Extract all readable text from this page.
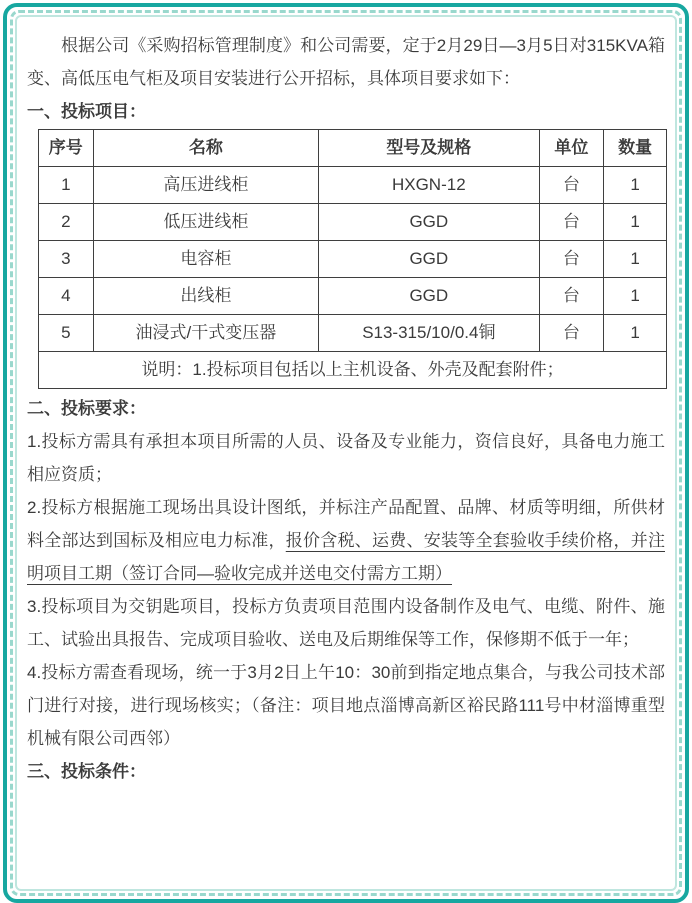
根据公司《采购招标管理制度》和公司需要，定于2月29日—3月5日对315KVA箱变、高低压电气柜及项目安装进行公开招标，具体项目要求如下：

一、投标项目：

序号	名称	型号及规格	单位	数量
1	高压进线柜	HXGN-12	台	1
2	低压进线柜	GGD	台	1
3	电容柜	GGD	台	1
4	出线柜	GGD	台	1
5	油浸式/干式变压器	S13-315/10/0.4铜	台	1
说明：1.投标项目包括以上主机设备、外壳及配套附件；				

二、投标要求：

1.投标方需具有承担本项目所需的人员、设备及专业能力，资信良好，具备电力施工相应资质；

2.投标方根据施工现场出具设计图纸，并标注产品配置、品牌、材质等明细，所供材料全部达到国标及相应电力标准，报价含税、运费、安装等全套验收手续价格，并注明项目工期（签订合同—验收完成并送电交付需方工期）

3.投标项目为交钥匙项目，投标方负责项目范围内设备制作及电气、电缆、附件、施工、试验出具报告、完成项目验收、送电及后期维保等工作，保修期不低于一年；

4.投标方需查看现场，统一于3月2日上午10：30前到指定地点集合，与我公司技术部门进行对接，进行现场核实；（备注：项目地点淄博高新区裕民路111号中材淄博重型机械有限公司西邻）

三、投标条件：
